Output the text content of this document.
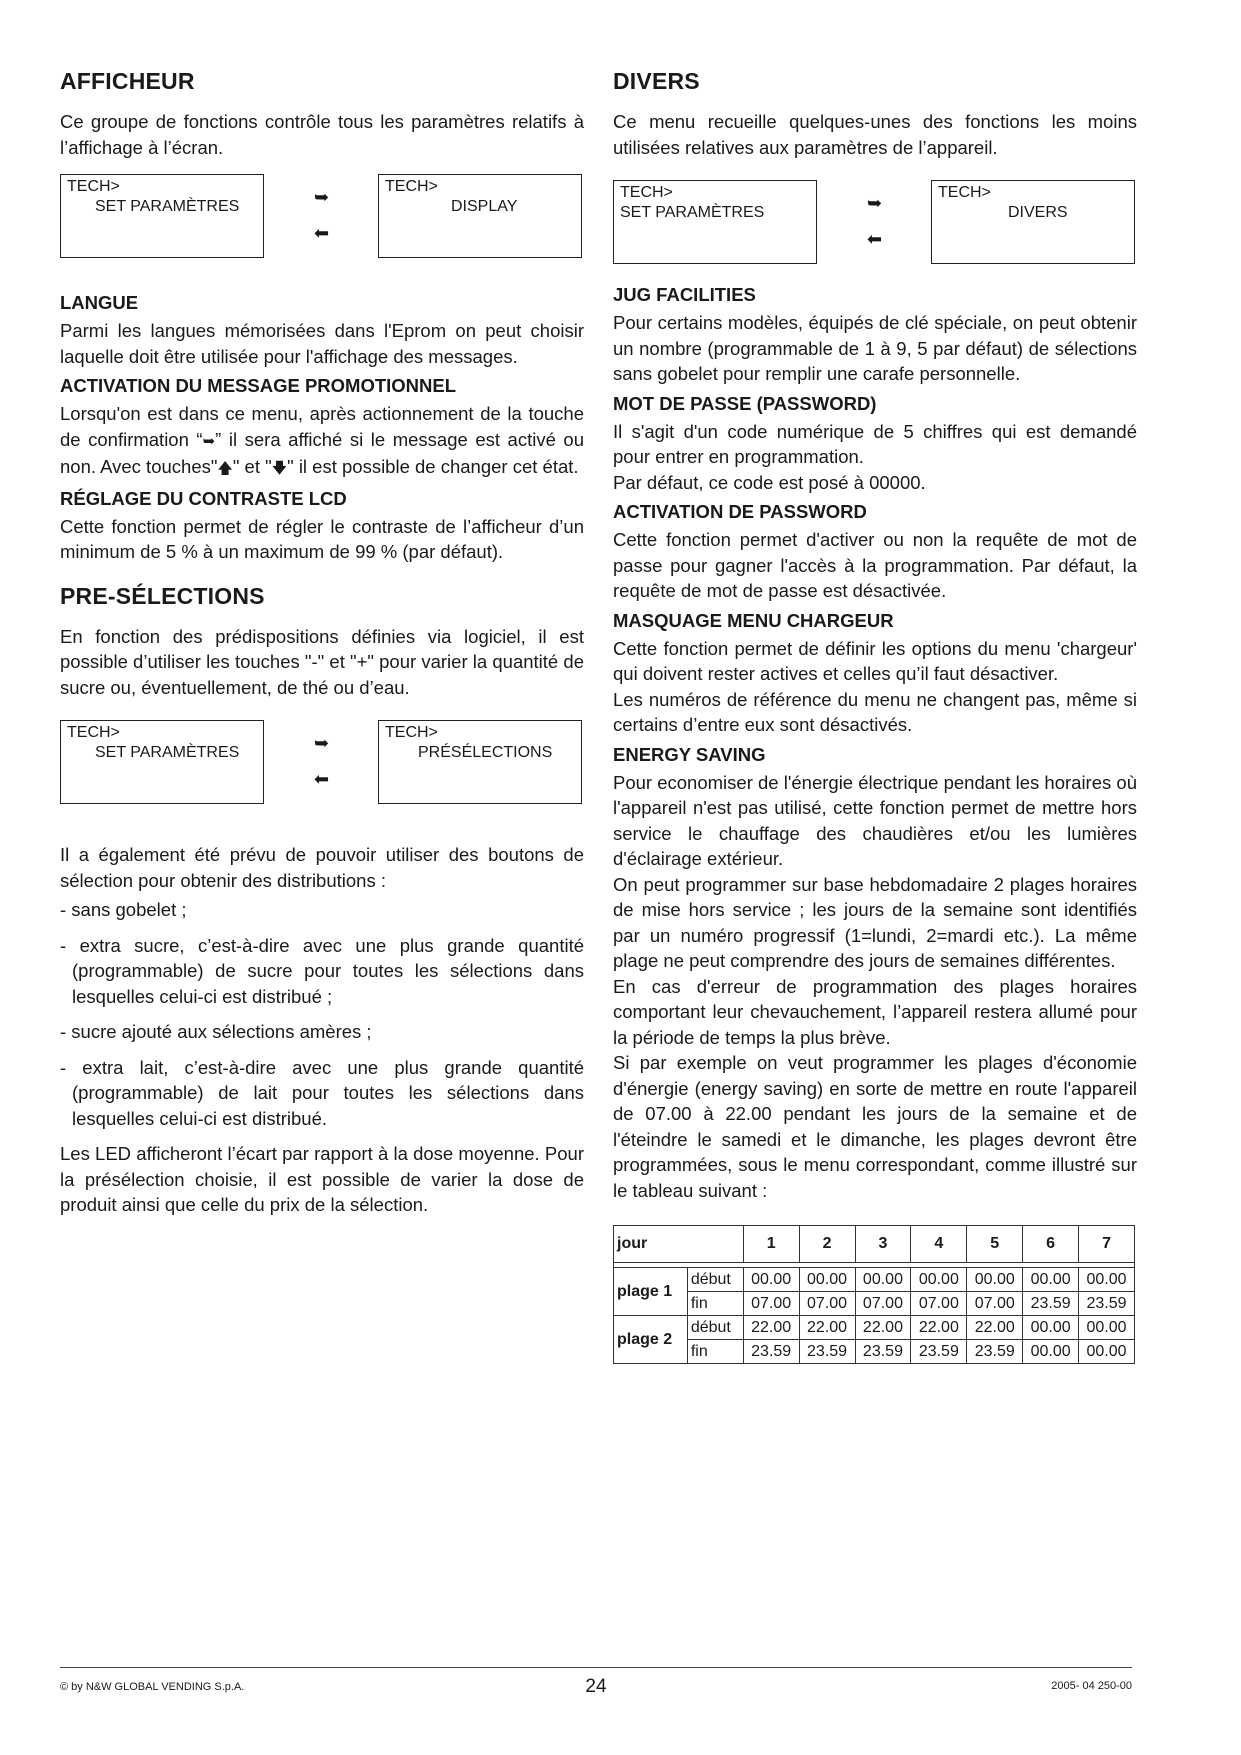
AFFICHEUR

Ce groupe de fonctions contrôle tous les paramètres relatifs à l’affichage à l’écran.

TECH>
SET PARAMÈTRES	➥
⬅
TECH>
DISPLAY
LANGUE

Parmi les langues mémorisées dans l'Eprom on peut choisir laquelle doit être utilisée pour l'affichage des messages.

ACTIVATION DU MESSAGE PROMOTIONNEL

Lorsqu'on est dans ce menu, après actionnement de la touche de confirmation “➥” il sera affiché si le message est activé ou non. Avec touches"🡅" et "🡇" il est possible de changer cet état.

RÉGLAGE DU CONTRASTE LCD

Cette fonction permet de régler le contraste de l’afficheur d’un minimum de 5 % à un maximum de 99 % (par défaut).

PRE-SÉLECTIONS

En fonction des prédispositions définies via logiciel, il est possible d’utiliser les touches "-" et "+" pour varier la quantité de sucre ou, éventuellement, de thé ou d’eau.

TECH>
SET PARAMÈTRES	➥
⬅
TECH>
PRÉSÉLECTIONS

Il a également été prévu de pouvoir utiliser des boutons de sélection pour obtenir des distributions :

- sans gobelet ;
- extra sucre, c’est-à-dire avec une plus grande quantité (programmable) de sucre pour toutes les sélections dans lesquelles celui-ci est distribué ;
- sucre ajouté aux sélections amères ;
- extra lait, c’est-à-dire avec une plus grande quantité (programmable) de lait pour toutes les sélections dans lesquelles celui-ci est distribué.

Les LED afficheront l’écart par rapport à la dose moyenne. Pour la présélection choisie, il est possible de varier la dose de produit ainsi que celle du prix de la sélection.

DIVERS

Ce menu recueille quelques-unes des fonctions les moins utilisées relatives aux paramètres de l’appareil.

TECH>
SET PARAMÈTRES	➥
⬅
TECH>
DIVERS
JUG FACILITIES

Pour certains modèles, équipés de clé spéciale, on peut obtenir un nombre (programmable de 1 à 9, 5 par défaut) de sélections sans gobelet pour remplir une carafe personnelle.

MOT DE PASSE (PASSWORD)

Il s'agit d'un code numérique de 5 chiffres qui est demandé pour entrer en programmation.

Par défaut, ce code est posé à 00000.

ACTIVATION DE PASSWORD

Cette fonction permet d'activer ou non la requête de mot de passe pour gagner l'accès à la programmation. Par défaut, la requête de mot de passe est désactivée.

MASQUAGE MENU CHARGEUR

Cette fonction permet de définir les options du menu 'chargeur' qui doivent rester actives et celles qu’il faut désactiver.

Les numéros de référence du menu ne changent pas, même si certains d’entre eux sont désactivés.

ENERGY SAVING

Pour economiser de l'énergie électrique pendant les horaires où l'appareil n'est pas utilisé, cette fonction permet de mettre hors service le chauffage des chaudières et/ou les lumières d'éclairage extérieur.

On peut programmer sur base hebdomadaire 2 plages horaires de mise hors service ; les jours de la semaine sont identifiés par un numéro progressif (1=lundi, 2=mardi etc.). La même plage ne peut comprendre des jours de semaines différentes.

En cas d'erreur de programmation des plages horaires comportant leur chevauchement, l’appareil restera allumé pour la période de temps la plus brève.

Si par exemple on veut programmer les plages d'économie d'énergie (energy saving) en sorte de mettre en route l'appareil de 07.00 à 22.00 pendant les jours de la semaine et de l'éteindre le samedi et le dimanche, les plages devront être programmées, sous le menu correspondant, comme illustré sur le tableau suivant :

jour		1	2	3	4	5	6	7

plage 1	début	00.00	00.00	00.00	00.00	00.00	00.00	00.00
	fin	07.00	07.00	07.00	07.00	07.00	23.59	23.59
plage 2	début	22.00	22.00	22.00	22.00	22.00	00.00	00.00
	fin	23.59	23.59	23.59	23.59	23.59	00.00	00.00
© by N&W GLOBAL VENDING S.p.A.	24	2005- 04 250-00
